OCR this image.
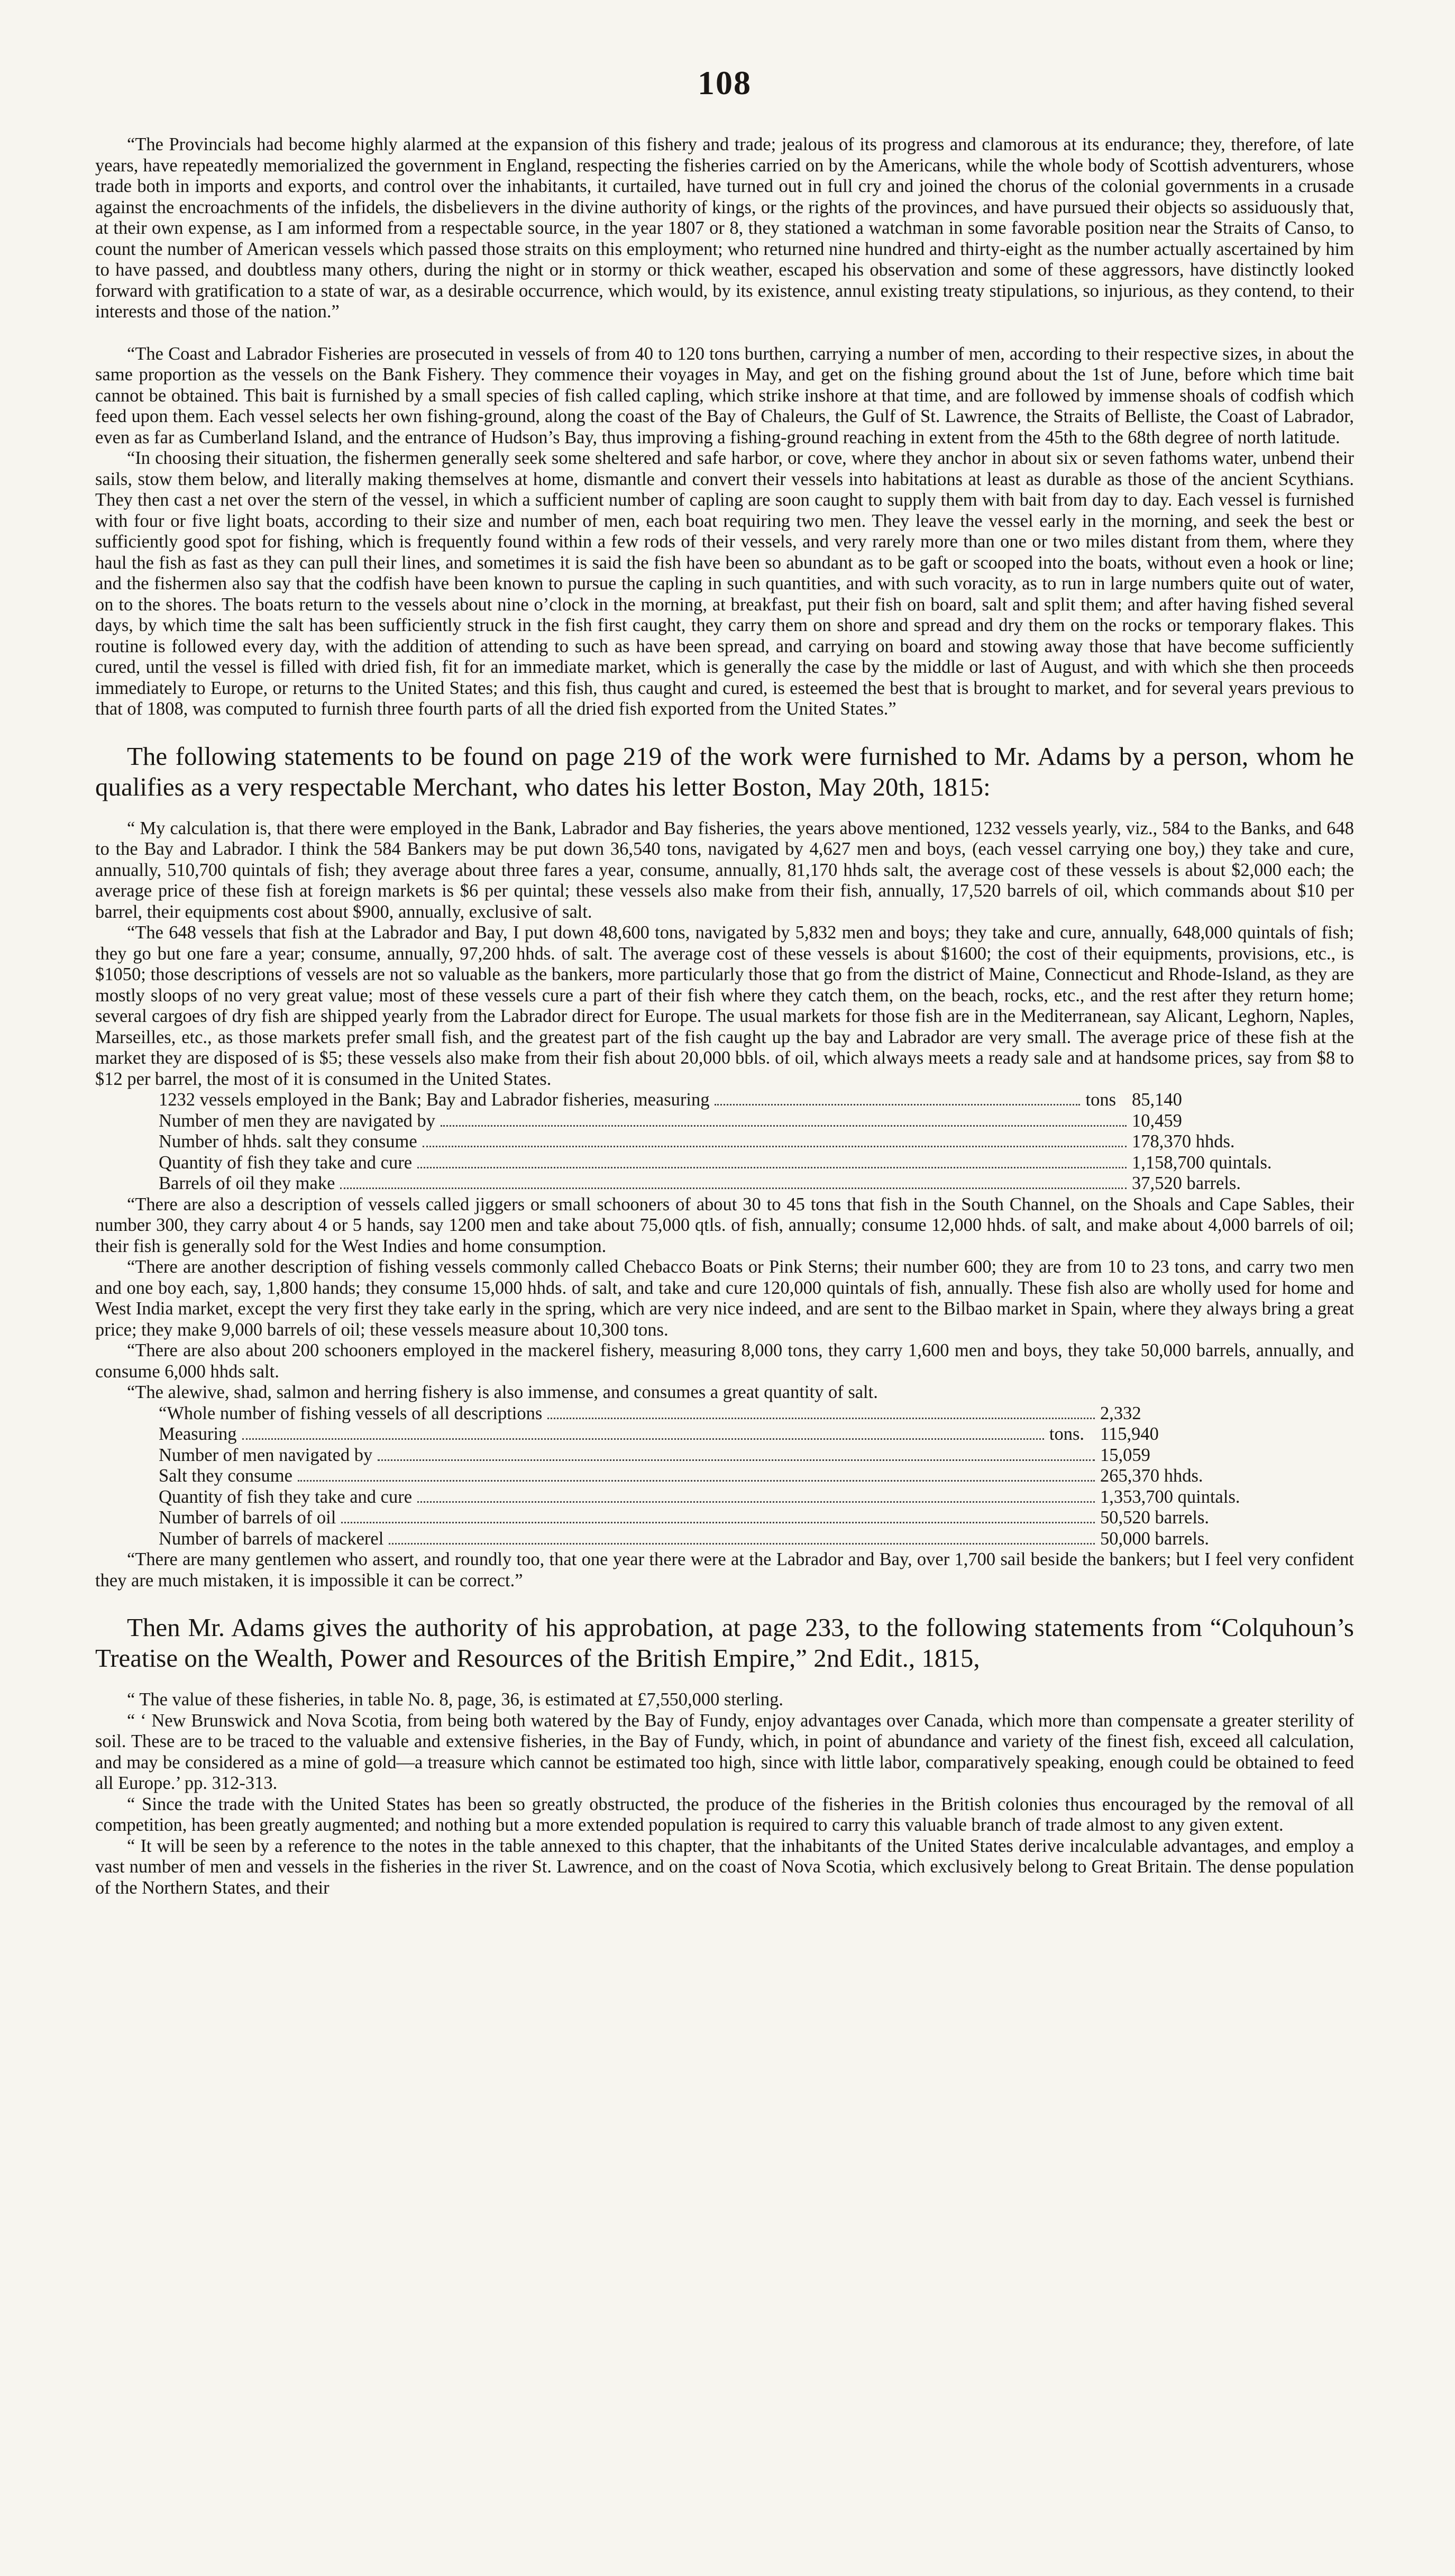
108

“The Provincials had become highly alarmed at the expansion of this fishery and trade; jealous of its progress and clamorous at its endurance; they, therefore, of late years, have repeatedly memorialized the government in England, respecting the fisheries carried on by the Americans, while the whole body of Scottish adventurers, whose trade both in imports and exports, and control over the inhabitants, it curtailed, have turned out in full cry and joined the chorus of the colonial governments in a crusade against the encroachments of the infidels, the disbelievers in the divine authority of kings, or the rights of the provinces, and have pursued their objects so assiduously that, at their own expense, as I am informed from a respectable source, in the year 1807 or 8, they stationed a watchman in some favorable position near the Straits of Canso, to count the number of American vessels which passed those straits on this employment; who returned nine hundred and thirty-eight as the number actually ascertained by him to have passed, and doubtless many others, during the night or in stormy or thick weather, escaped his observation and some of these aggressors, have distinctly looked forward with gratification to a state of war, as a desirable occurrence, which would, by its existence, annul existing treaty stipulations, so injurious, as they contend, to their interests and those of the nation.”

“The Coast and Labrador Fisheries are prosecuted in vessels of from 40 to 120 tons burthen, carrying a number of men, according to their respective sizes, in about the same proportion as the vessels on the Bank Fishery. They commence their voyages in May, and get on the fishing ground about the 1st of June, before which time bait cannot be obtained. This bait is furnished by a small species of fish called capling, which strike inshore at that time, and are followed by immense shoals of codfish which feed upon them. Each vessel selects her own fishing-ground, along the coast of the Bay of Chaleurs, the Gulf of St. Lawrence, the Straits of Belliste, the Coast of Labrador, even as far as Cumberland Island, and the entrance of Hudson’s Bay, thus improving a fishing-ground reaching in extent from the 45th to the 68th degree of north latitude.

“In choosing their situation, the fishermen generally seek some sheltered and safe harbor, or cove, where they anchor in about six or seven fathoms water, unbend their sails, stow them below, and literally making themselves at home, dismantle and convert their vessels into habitations at least as durable as those of the ancient Scythians. They then cast a net over the stern of the vessel, in which a sufficient number of capling are soon caught to supply them with bait from day to day. Each vessel is furnished with four or five light boats, according to their size and number of men, each boat requiring two men. They leave the vessel early in the morning, and seek the best or sufficiently good spot for fishing, which is frequently found within a few rods of their vessels, and very rarely more than one or two miles distant from them, where they haul the fish as fast as they can pull their lines, and sometimes it is said the fish have been so abundant as to be gaft or scooped into the boats, without even a hook or line; and the fishermen also say that the codfish have been known to pursue the capling in such quantities, and with such voracity, as to run in large numbers quite out of water, on to the shores. The boats return to the vessels about nine o’clock in the morning, at breakfast, put their fish on board, salt and split them; and after having fished several days, by which time the salt has been sufficiently struck in the fish first caught, they carry them on shore and spread and dry them on the rocks or temporary flakes. This routine is followed every day, with the addition of attending to such as have been spread, and carrying on board and stowing away those that have become sufficiently cured, until the vessel is filled with dried fish, fit for an immediate market, which is generally the case by the middle or last of August, and with which she then proceeds immediately to Europe, or returns to the United States; and this fish, thus caught and cured, is esteemed the best that is brought to market, and for several years previous to that of 1808, was computed to furnish three fourth parts of all the dried fish exported from the United States.”

The following statements to be found on page 219 of the work were furnished to Mr. Adams by a person, whom he qualifies as a very respectable Merchant, who dates his letter Boston, May 20th, 1815:

“ My calculation is, that there were employed in the Bank, Labrador and Bay fisheries, the years above mentioned, 1232 vessels yearly, viz., 584 to the Banks, and 648 to the Bay and Labrador. I think the 584 Bankers may be put down 36,540 tons, navigated by 4,627 men and boys, (each vessel carrying one boy,) they take and cure, annually, 510,700 quintals of fish; they average about three fares a year, consume, annually, 81,170 hhds salt, the average cost of these vessels is about $2,000 each; the average price of these fish at foreign markets is $6 per quintal; these vessels also make from their fish, annually, 17,520 barrels of oil, which commands about $10 per barrel, their equipments cost about $900, annually, exclusive of salt.

“The 648 vessels that fish at the Labrador and Bay, I put down 48,600 tons, navigated by 5,832 men and boys; they take and cure, annually, 648,000 quintals of fish; they go but one fare a year; consume, annually, 97,200 hhds. of salt. The average cost of these vessels is about $1600; the cost of their equipments, provisions, etc., is $1050; those descriptions of vessels are not so valuable as the bankers, more particularly those that go from the district of Maine, Connecticut and Rhode-Island, as they are mostly sloops of no very great value; most of these vessels cure a part of their fish where they catch them, on the beach, rocks, etc., and the rest after they return home; several cargoes of dry fish are shipped yearly from the Labrador direct for Europe. The usual markets for those fish are in the Mediterranean, say Alicant, Leghorn, Naples, Marseilles, etc., as those markets prefer small fish, and the greatest part of the fish caught up the bay and Labrador are very small. The average price of these fish at the market they are disposed of is $5; these vessels also make from their fish about 20,000 bbls. of oil, which always meets a ready sale and at handsome prices, say from $8 to $12 per barrel, the most of it is consumed in the United States.

1232 vessels employed in the Bank; Bay and Labrador fisheries, measuring	tons 85,140
Number of men they are navigated by	10,459
Number of hhds. salt they consume	178,370 hhds.
Quantity of fish they take and cure	1,158,700 quintals.
Barrels of oil they make	37,520 barrels.

“There are also a description of vessels called jiggers or small schooners of about 30 to 45 tons that fish in the South Channel, on the Shoals and Cape Sables, their number 300, they carry about 4 or 5 hands, say 1200 men and take about 75,000 qtls. of fish, annually; consume 12,000 hhds. of salt, and make about 4,000 barrels of oil; their fish is generally sold for the West Indies and home consumption.

“There are another description of fishing vessels commonly called Chebacco Boats or Pink Sterns; their number 600; they are from 10 to 23 tons, and carry two men and one boy each, say, 1,800 hands; they consume 15,000 hhds. of salt, and take and cure 120,000 quintals of fish, annually. These fish also are wholly used for home and West India market, except the very first they take early in the spring, which are very nice indeed, and are sent to the Bilbao market in Spain, where they always bring a great price; they make 9,000 barrels of oil; these vessels measure about 10,300 tons.

“There are also about 200 schooners employed in the mackerel fishery, measuring 8,000 tons, they carry 1,600 men and boys, they take 50,000 barrels, annually, and consume 6,000 hhds salt.

“The alewive, shad, salmon and herring fishery is also immense, and consumes a great quantity of salt.

“Whole number of fishing vessels of all descriptions	2,332
Measuring	tons. 115,940
Number of men navigated by	15,059
Salt they consume	265,370 hhds.
Quantity of fish they take and cure	1,353,700 quintals.
Number of barrels of oil	50,520 barrels.
Number of barrels of mackerel	50,000 barrels.

“There are many gentlemen who assert, and roundly too, that one year there were at the Labrador and Bay, over 1,700 sail beside the bankers; but I feel very confident they are much mistaken, it is impossible it can be correct.”

Then Mr. Adams gives the authority of his approbation, at page 233, to the following statements from “Colquhoun’s Treatise on the Wealth, Power and Resources of the British Empire,” 2nd Edit., 1815,

“ The value of these fisheries, in table No. 8, page, 36, is estimated at £7,550,000 sterling.

“ ‘ New Brunswick and Nova Scotia, from being both watered by the Bay of Fundy, enjoy advantages over Canada, which more than compensate a greater sterility of soil. These are to be traced to the valuable and extensive fisheries, in the Bay of Fundy, which, in point of abundance and variety of the finest fish, exceed all calculation, and may be considered as a mine of gold—a treasure which cannot be estimated too high, since with little labor, comparatively speaking, enough could be obtained to feed all Europe.’ pp. 312-313.

“ Since the trade with the United States has been so greatly obstructed, the produce of the fisheries in the British colonies thus encouraged by the removal of all competition, has been greatly augmented; and nothing but a more extended population is required to carry this valuable branch of trade almost to any given extent.

“ It will be seen by a reference to the notes in the table annexed to this chapter, that the inhabitants of the United States derive incalculable advantages, and employ a vast number of men and vessels in the fisheries in the river St. Lawrence, and on the coast of Nova Scotia, which exclusively belong to Great Britain. The dense population of the Northern States, and their
